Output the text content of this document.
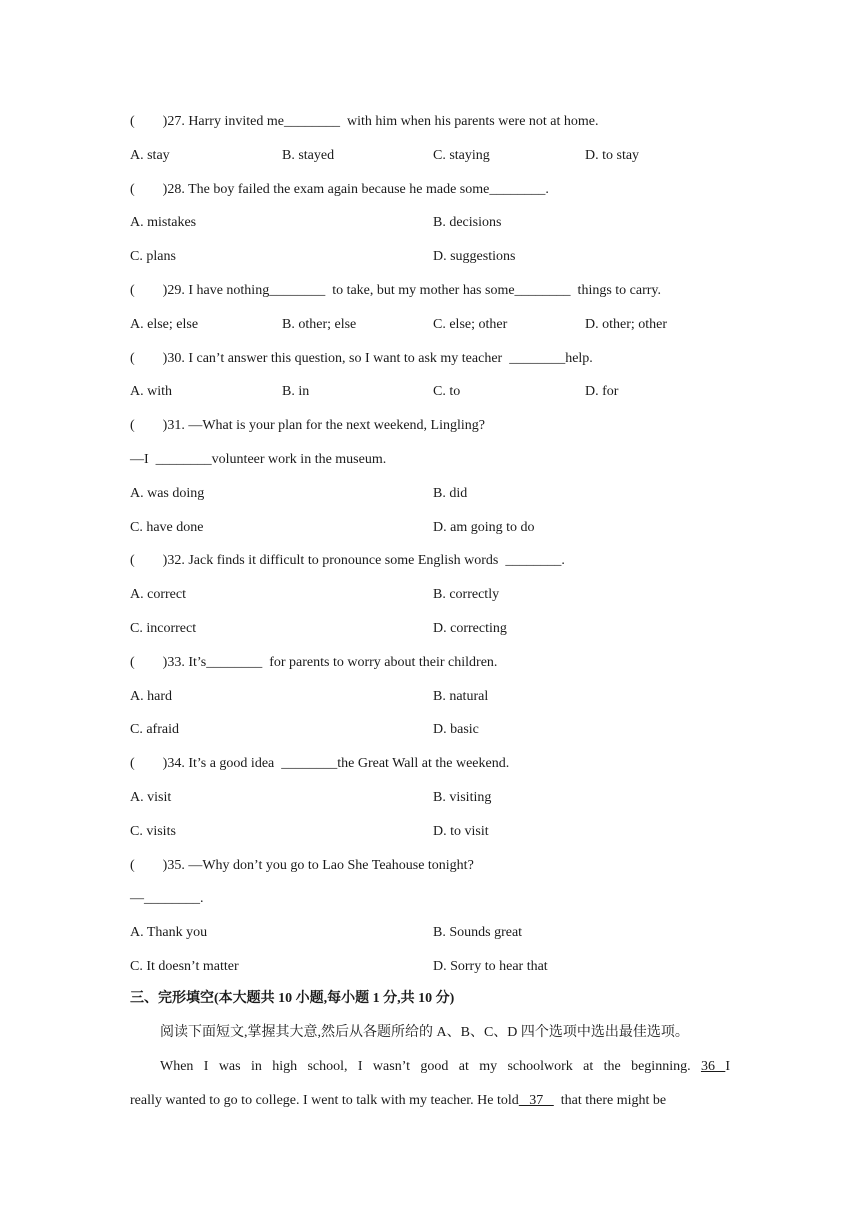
(        )27. Harry invited me________  with him when his parents were not at home.
A. stay	B. stayed	C. staying	D. to stay
(        )28. The boy failed the exam again because he made some________.
A. mistakes	B. decisions
C. plans	D. suggestions
(        )29. I have nothing________  to take, but my mother has some________  things to carry.
A. else; else	B. other; else	C. else; other	D. other; other
(        )30. I can’t answer this question, so I want to ask my teacher  ________help.
A. with	B. in	C. to	D. for
(        )31. —What is your plan for the next weekend, Lingling?
—I  ________volunteer work in the museum.
A. was doing	B. did
C. have done	D. am going to do
(        )32. Jack finds it difficult to pronounce some English words  ________.
A. correct	B. correctly
C. incorrect	D. correcting
(        )33. It’s________  for parents to worry about their children.
A. hard	B. natural
C. afraid	D. basic
(        )34. It’s a good idea  ________the Great Wall at the weekend.
A. visit	B. visiting
C. visits	D. to visit
(        )35. —Why don’t you go to Lao She Teahouse tonight?
—________.
A. Thank you	B. Sounds great
C. It doesn’t matter	D. Sorry to hear that
三、完形填空(本大题共 10 小题,每小题 1 分,共 10 分)
阅读下面短文,掌握其大意,然后从各题所给的 A、B、C、D 四个选项中选出最佳选项。
When I was in high school, I wasn’t good at my schoolwork at the beginning. 36 I
really wanted to go to college. I went to talk with my teacher. He told   37     that there might be
